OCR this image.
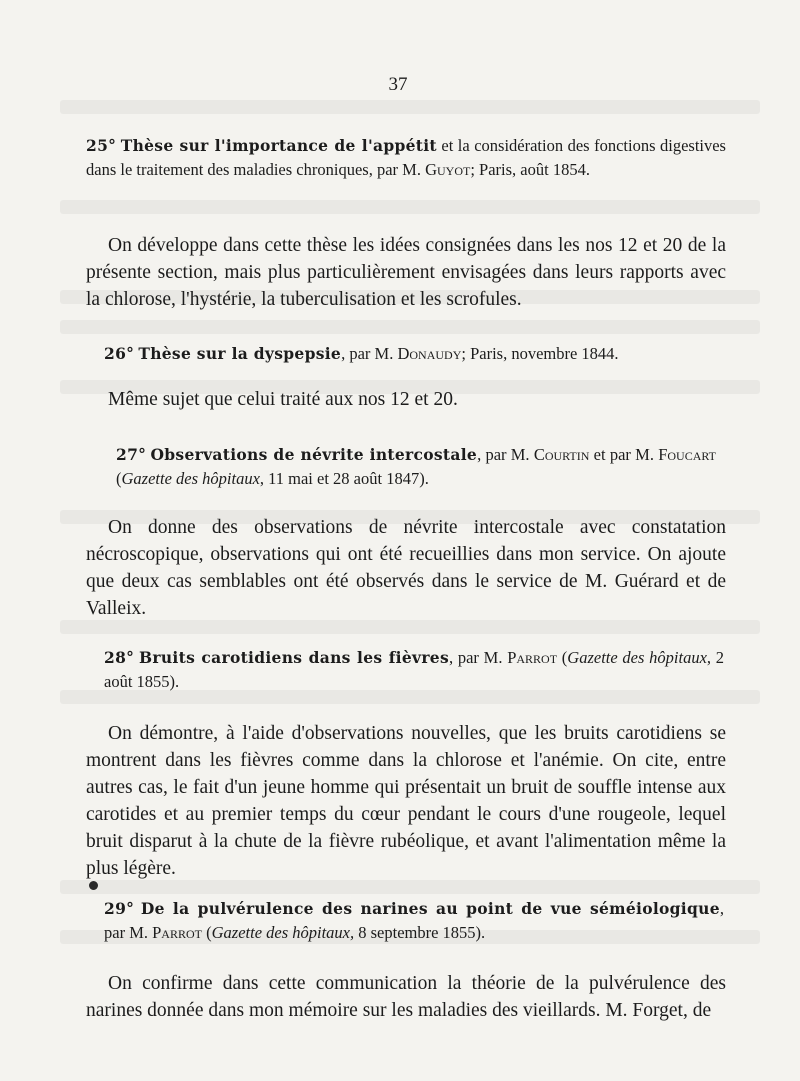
37
25° Thèse sur l'importance de l'appétit et la considération des fonctions digestives dans le traitement des maladies chroniques, par M. Guyot; Paris, août 1854.
On développe dans cette thèse les idées consignées dans les nos 12 et 20 de la présente section, mais plus particulièrement envisagées dans leurs rapports avec la chlorose, l'hystérie, la tuberculisation et les scrofules.
26° Thèse sur la dyspepsie, par M. Donaudy; Paris, novembre 1844.
Même sujet que celui traité aux nos 12 et 20.
27° Observations de névrite intercostale, par M. Courtin et par M. Foucart (Gazette des hôpitaux, 11 mai et 28 août 1847).
On donne des observations de névrite intercostale avec constatation nécroscopique, observations qui ont été recueillies dans mon service. On ajoute que deux cas semblables ont été observés dans le service de M. Guérard et de Valleix.
28° Bruits carotidiens dans les fièvres, par M. Parrot (Gazette des hôpitaux, 2 août 1855).
On démontre, à l'aide d'observations nouvelles, que les bruits carotidiens se montrent dans les fièvres comme dans la chlorose et l'anémie. On cite, entre autres cas, le fait d'un jeune homme qui présentait un bruit de souffle intense aux carotides et au premier temps du cœur pendant le cours d'une rougeole, lequel bruit disparut à la chute de la fièvre rubéolique, et avant l'alimentation même la plus légère.
29° De la pulvérulence des narines au point de vue séméiologique, par M. Parrot (Gazette des hôpitaux, 8 septembre 1855).
On confirme dans cette communication la théorie de la pulvérulence des narines donnée dans mon mémoire sur les maladies des vieillards. M. Forget, de
